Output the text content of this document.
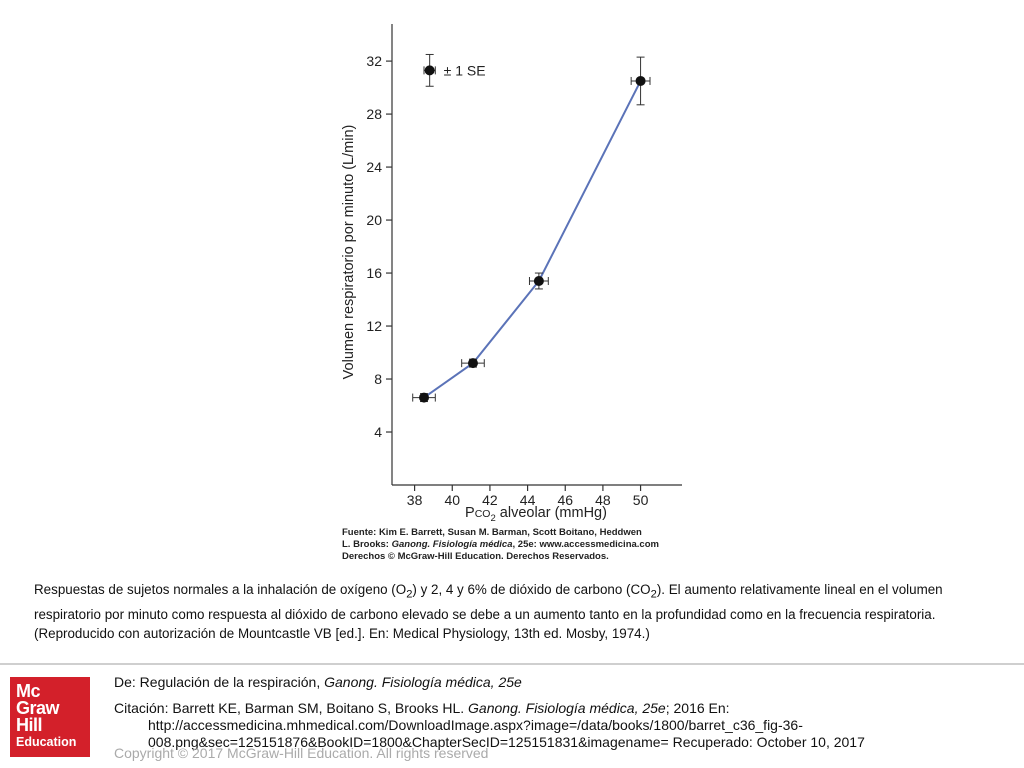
4
8
12
16
20
24
28
32
38 40 42 44 46 48 50
± 1 SE
Volumen respiratorio por minuto (L/min)
$PCO_2$ alveolar (mmHg)

Fuente: Kim E. Barrett, Susan M. Barman, Scott Boitano, Heddwen

L. Brooks: Ganong. Fisiología médica, 25e: www.accessmedicina.com

Derechos © McGraw-Hill Education. Derechos Reservados.

Respuestas de sujetos normales a la inhalación de oxígeno $(O_2)$ y 2, 4 y 6% de dióxido de carbono $(CO_2)$. El aumento relativamente lineal en el volumen respiratorio por minuto como respuesta al dióxido de carbono elevado se debe a un aumento tanto en la profundidad como en la frecuencia respiratoria. (Reproducido con autorización de Mountcastle VB [ed.]. En: Medical Physiology, 13th ed. Mosby, 1974.)

Mc
Graw
Hill
Education

De: Regulación de la respiración, Ganong. Fisiología médica, 25e

Citación: Barrett KE, Barman SM, Boitano S, Brooks HL. Ganong. Fisiología médica, 25e; 2016 En:

http://accessmedicina.mhmedical.com/DownloadImage.aspx?image=/data/books/1800/barret_c36_fig-36-

008.png&sec=125151876&BookID=1800&ChapterSecID=125151831&imagename= Recuperado: October 10, 2017

Copyright © 2017 McGraw-Hill Education. All rights reserved
